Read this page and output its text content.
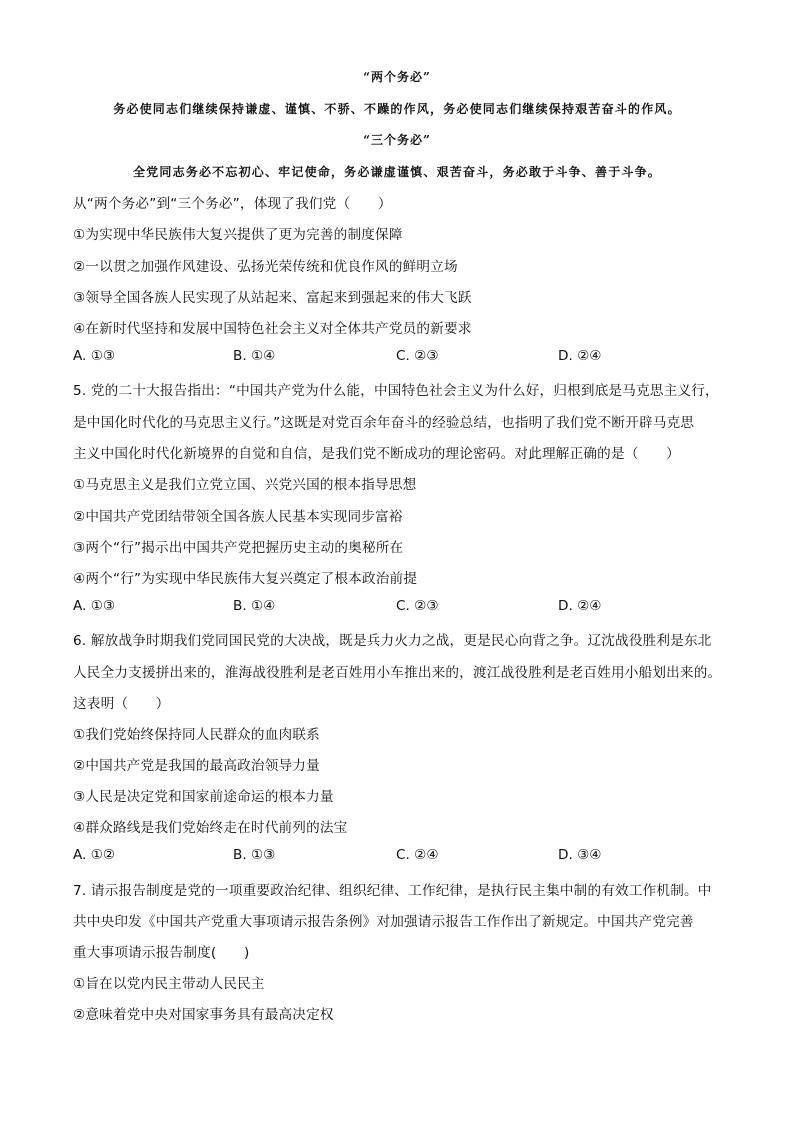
“两个务必”
务必使同志们继续保持谦虚、谨慎、不骄、不躁的作风，务必使同志们继续保持艰苦奋斗的作风。
“三个务必”
全党同志务必不忘初心、牢记使命，务必谦虚谨慎、艰苦奋斗，务必敢于斗争、善于斗争。
从“两个务必”到“三个务必”，体现了我们党（　　）
①为实现中华民族伟大复兴提供了更为完善的制度保障
②一以贯之加强作风建设、弘扬光荣传统和优良作风的鲜明立场
③领导全国各族人民实现了从站起来、富起来到强起来的伟大飞跃
④在新时代坚持和发展中国特色社会主义对全体共产党员的新要求
A. ①③	B. ①④	C. ②③	D. ②④
5. 党的二十大报告指出：“中国共产党为什么能，中国特色社会主义为什么好，归根到底是马克思主义行，
是中国化时代化的马克思主义行。”这既是对党百余年奋斗的经验总结，也指明了我们党不断开辟马克思
主义中国化时代化新境界的自觉和自信，是我们党不断成功的理论密码。对此理解正确的是（　　）
①马克思主义是我们立党立国、兴党兴国的根本指导思想
②中国共产党团结带领全国各族人民基本实现同步富裕
③两个“行”揭示出中国共产党把握历史主动的奥秘所在
④两个“行”为实现中华民族伟大复兴奠定了根本政治前提
A. ①③	B. ①④	C. ②③	D. ②④
6. 解放战争时期我们党同国民党的大决战，既是兵力火力之战，更是民心向背之争。辽沈战役胜利是东北
人民全力支援拼出来的，淮海战役胜利是老百姓用小车推出来的，渡江战役胜利是老百姓用小船划出来的。
这表明（　　）
①我们党始终保持同人民群众的血肉联系
②中国共产党是我国的最高政治领导力量
③人民是决定党和国家前途命运的根本力量
④群众路线是我们党始终走在时代前列的法宝
A. ①②	B. ①③	C. ②④	D. ③④
7. 请示报告制度是党的一项重要政治纪律、组织纪律、工作纪律，是执行民主集中制的有效工作机制。中
共中央印发《中国共产党重大事项请示报告条例》对加强请示报告工作作出了新规定。中国共产党完善
重大事项请示报告制度(　　)
①旨在以党内民主带动人民民主
②意味着党中央对国家事务具有最高决定权
